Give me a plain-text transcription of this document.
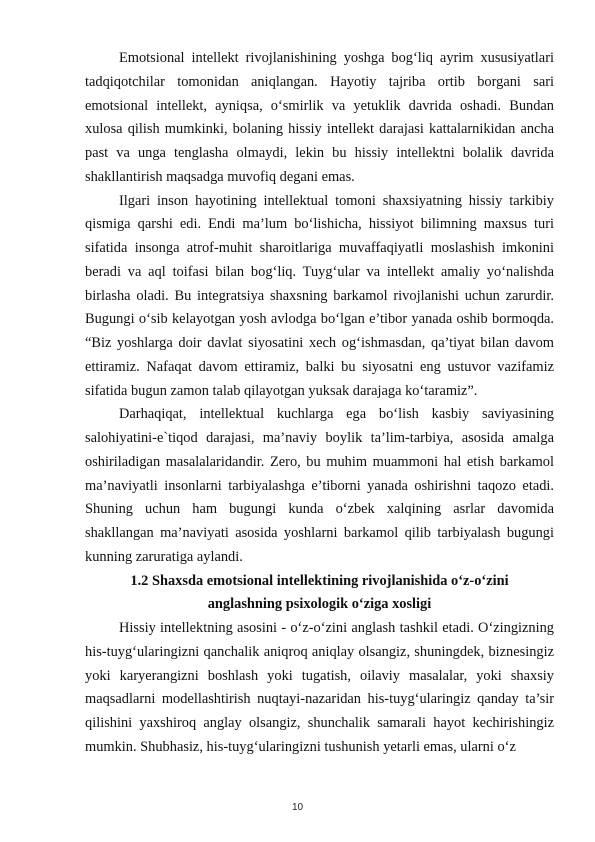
Emotsional intellekt rivojlanishining yoshga bog‘liq ayrim xususiyatlari tadqiqotchilar tomonidan aniqlangan. Hayotiy tajriba ortib borgani sari emotsional intellekt, ayniqsa, o‘smirlik va yetuklik davrida oshadi. Bundan xulosa qilish mumkinki, bolaning hissiy intellekt darajasi kattalarnikidan ancha past va unga tenglasha olmaydi, lekin bu hissiy intellektni bolalik davrida shakllantirish maqsadga muvofiq degani emas.

Ilgari inson hayotining intellektual tomoni shaxsiyatning hissiy tarkibiy qismiga qarshi edi. Endi ma’lum bo‘lishicha, hissiyot bilimning maxsus turi sifatida insonga atrof-muhit sharoitlariga muvaffaqiyatli moslashish imkonini beradi va aql toifasi bilan bog‘liq. Tuyg‘ular va intellekt amaliy yo‘nalishda birlasha oladi. Bu integratsiya shaxsning barkamol rivojlanishi uchun zarurdir. Bugungi o‘sib kelayotgan yosh avlodga bo‘lgan e’tibor yanada oshib bormoqda. “Biz yoshlarga doir davlat siyosatini xech og‘ishmasdan, qa’tiyat bilan davom ettiramiz. Nafaqat davom ettiramiz, balki bu siyosatni eng ustuvor vazifamiz sifatida bugun zamon talab qilayotgan yuksak darajaga ko‘taramiz”.

Darhaqiqat, intellektual kuchlarga ega bo‘lish kasbiy saviyasining salohiyatini-e`tiqod darajasi, ma’naviy boylik ta’lim-tarbiya, asosida amalga oshiriladigan masalalaridandir. Zero, bu muhim muammoni hal etish barkamol ma’naviyatli insonlarni tarbiyalashga e’tiborni yanada oshirishni taqozo etadi. Shuning uchun ham bugungi kunda o‘zbek xalqining asrlar davomida shakllangan ma’naviyati asosida yoshlarni barkamol qilib tarbiyalash bugungi kunning zaruratiga aylandi.

1.2 Shaxsda emotsional intellektining rivojlanishida o‘z-o‘zini

anglashning psixologik o‘ziga xosligi

Hissiy intellektning asosini - o‘z-o‘zini anglash tashkil etadi. O‘zingizning his-tuyg‘ularingizni qanchalik aniqroq aniqlay olsangiz, shuningdek, biznesingiz yoki karyerangizni boshlash yoki tugatish, oilaviy masalalar, yoki shaxsiy maqsadlarni modellashtirish nuqtayi-nazaridan his-tuyg‘ularingiz qanday ta’sir qilishini yaxshiroq anglay olsangiz, shunchalik samarali hayot kechirishingiz mumkin. Shubhasiz, his-tuyg‘ularingizni tushunish yetarli emas, ularni o‘z

10
